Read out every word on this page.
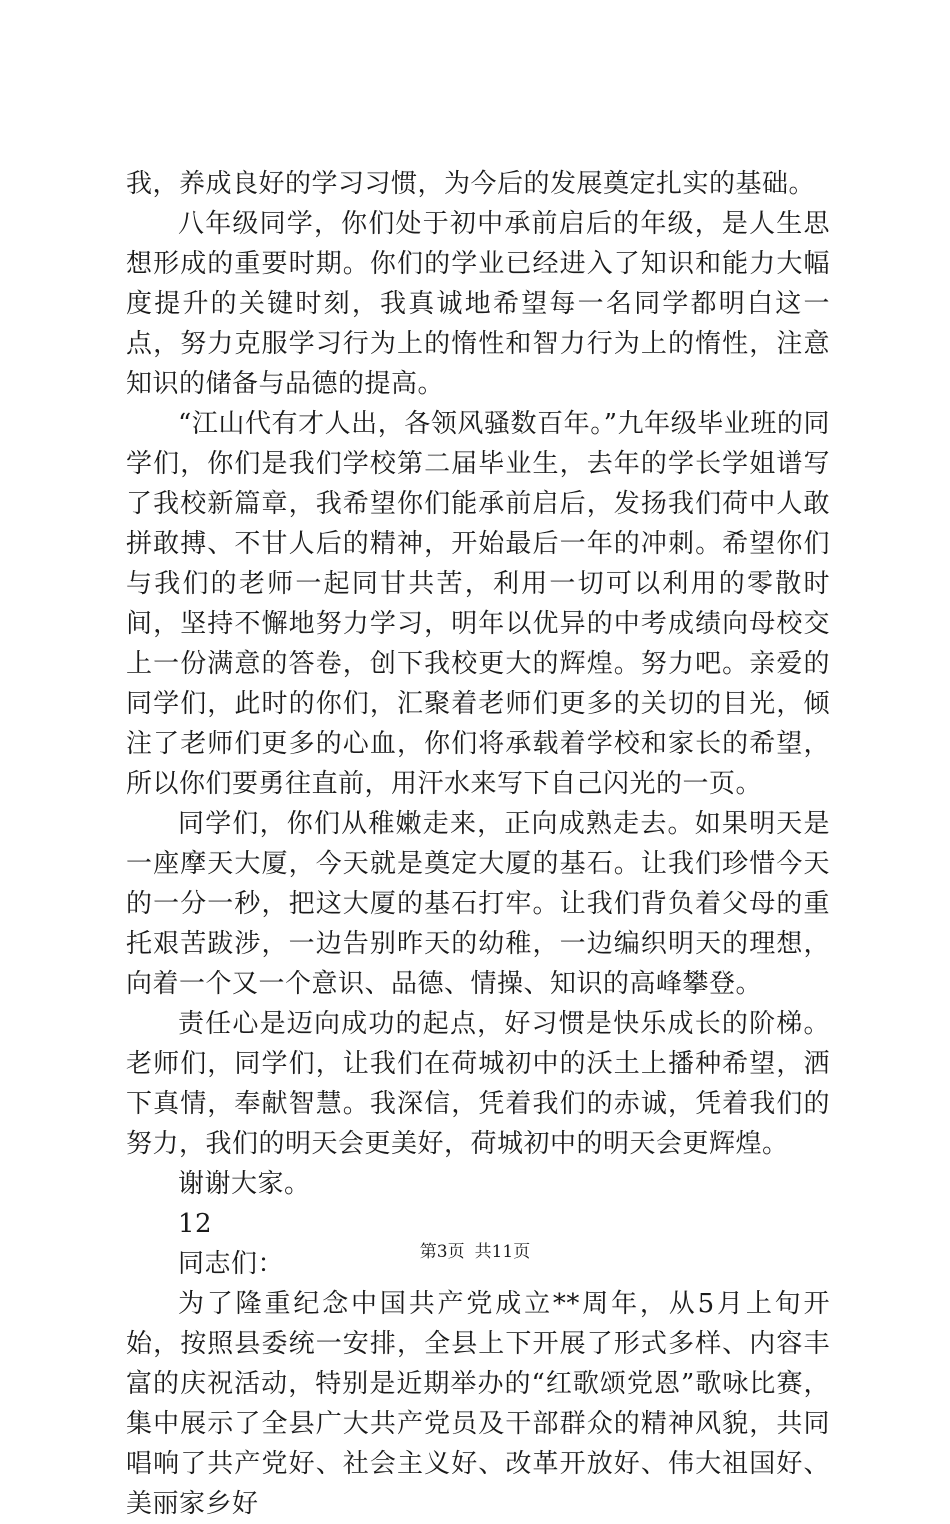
我，养成良好的学习习惯，为今后的发展奠定扎实的基础。

八年级同学，你们处于初中承前启后的年级，是人生思想形成的重要时期。你们的学业已经进入了知识和能力大幅度提升的关键时刻，我真诚地希望每一名同学都明白这一点，努力克服学习行为上的惰性和智力行为上的惰性，注意知识的储备与品德的提高。

“江山代有才人出，各领风骚数百年。”九年级毕业班的同学们，你们是我们学校第二届毕业生，去年的学长学姐谱写了我校新篇章，我希望你们能承前启后，发扬我们荷中人敢拼敢搏、不甘人后的精神，开始最后一年的冲刺。希望你们与我们的老师一起同甘共苦，利用一切可以利用的零散时间，坚持不懈地努力学习，明年以优异的中考成绩向母校交上一份满意的答卷，创下我校更大的辉煌。努力吧。亲爱的同学们，此时的你们，汇聚着老师们更多的关切的目光，倾注了老师们更多的心血，你们将承载着学校和家长的希望，所以你们要勇往直前，用汗水来写下自己闪光的一页。

同学们，你们从稚嫩走来，正向成熟走去。如果明天是一座摩天大厦，今天就是奠定大厦的基石。让我们珍惜今天的一分一秒，把这大厦的基石打牢。让我们背负着父母的重托艰苦跋涉，一边告别昨天的幼稚，一边编织明天的理想，向着一个又一个意识、品德、情操、知识的高峰攀登。

责任心是迈向成功的起点，好习惯是快乐成长的阶梯。老师们，同学们，让我们在荷城初中的沃土上播种希望，洒下真情，奉献智慧。我深信，凭着我们的赤诚，凭着我们的努力，我们的明天会更美好，荷城初中的明天会更辉煌。

谢谢大家。

12

同志们：

为了隆重纪念中国共产党成立**周年，从5月上旬开始，按照县委统一安排，全县上下开展了形式多样、内容丰富的庆祝活动，特别是近期举办的“红歌颂党恩”歌咏比赛，集中展示了全县广大共产党员及干部群众的精神风貌，共同唱响了共产党好、社会主义好、改革开放好、伟大祖国好、美丽家乡好

第3页 共11页
